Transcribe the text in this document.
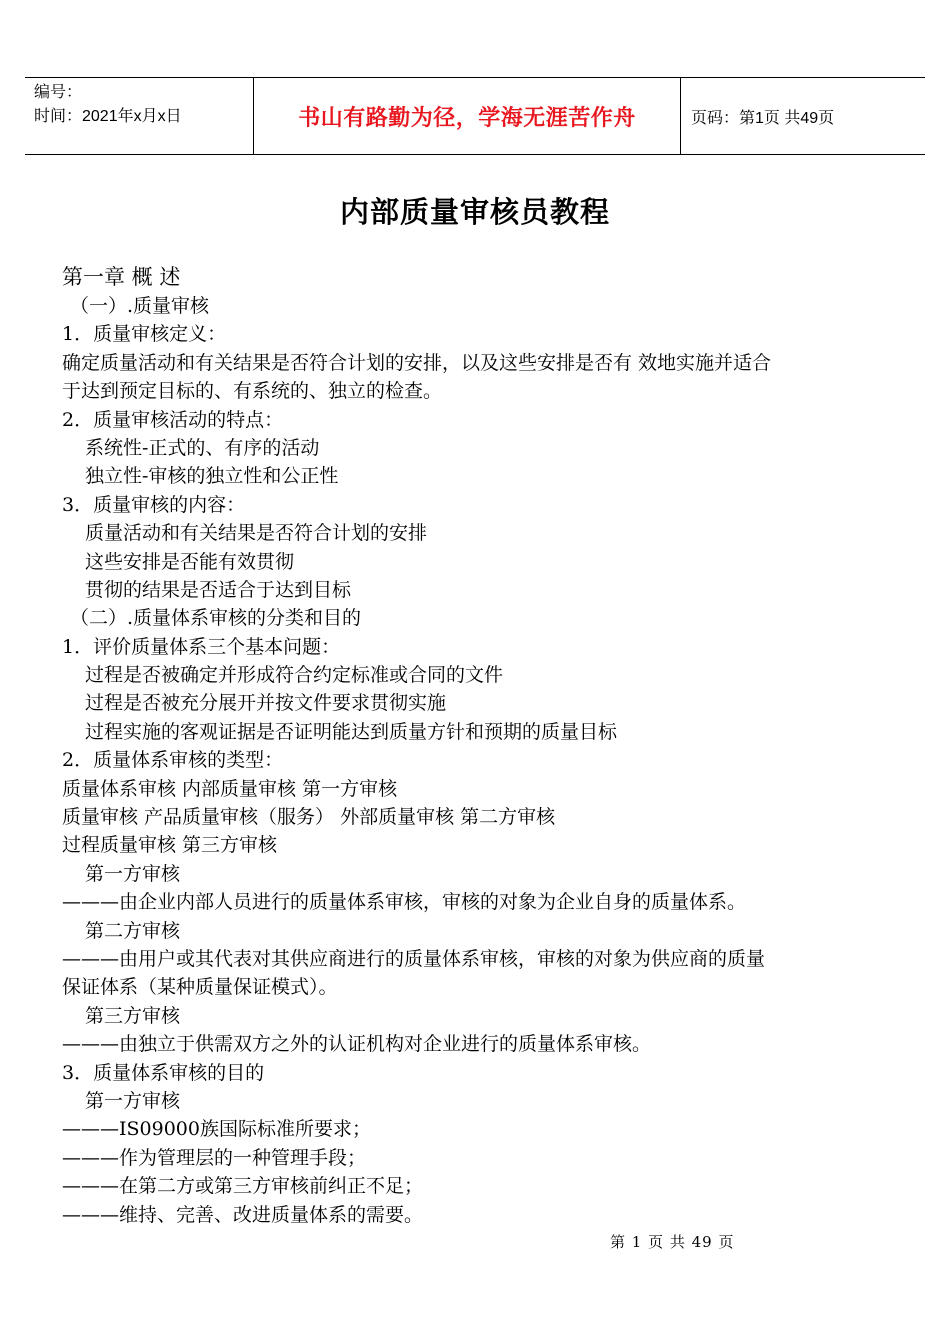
编号：
时间：2021年x月x日	书山有路勤为径，学海无涯苦作舟	页码：第1页 共49页
内部质量审核员教程
第一章 概 述
（一）.质量审核
1．质量审核定义：
确定质量活动和有关结果是否符合计划的安排，以及这些安排是否有 效地实施并适合
于达到预定目标的、有系统的、独立的检查。
2．质量审核活动的特点：
系统性-正式的、有序的活动
独立性-审核的独立性和公正性
3．质量审核的内容：
质量活动和有关结果是否符合计划的安排
这些安排是否能有效贯彻
贯彻的结果是否适合于达到目标
（二）.质量体系审核的分类和目的
1．评价质量体系三个基本问题：
过程是否被确定并形成符合约定标准或合同的文件
过程是否被充分展开并按文件要求贯彻实施
过程实施的客观证据是否证明能达到质量方针和预期的质量目标
2．质量体系审核的类型：
质量体系审核 内部质量审核 第一方审核
质量审核 产品质量审核（服务） 外部质量审核 第二方审核
过程质量审核 第三方审核
第一方审核
———由企业内部人员进行的质量体系审核，审核的对象为企业自身的质量体系。
第二方审核
———由用户或其代表对其供应商进行的质量体系审核，审核的对象为供应商的质量
保证体系（某种质量保证模式）。
第三方审核
———由独立于供需双方之外的认证机构对企业进行的质量体系审核。
3．质量体系审核的目的
第一方审核
———IS09000族国际标准所要求；
———作为管理层的一种管理手段；
———在第二方或第三方审核前纠正不足；
———维持、完善、改进质量体系的需要。
第 1 页 共 49 页
